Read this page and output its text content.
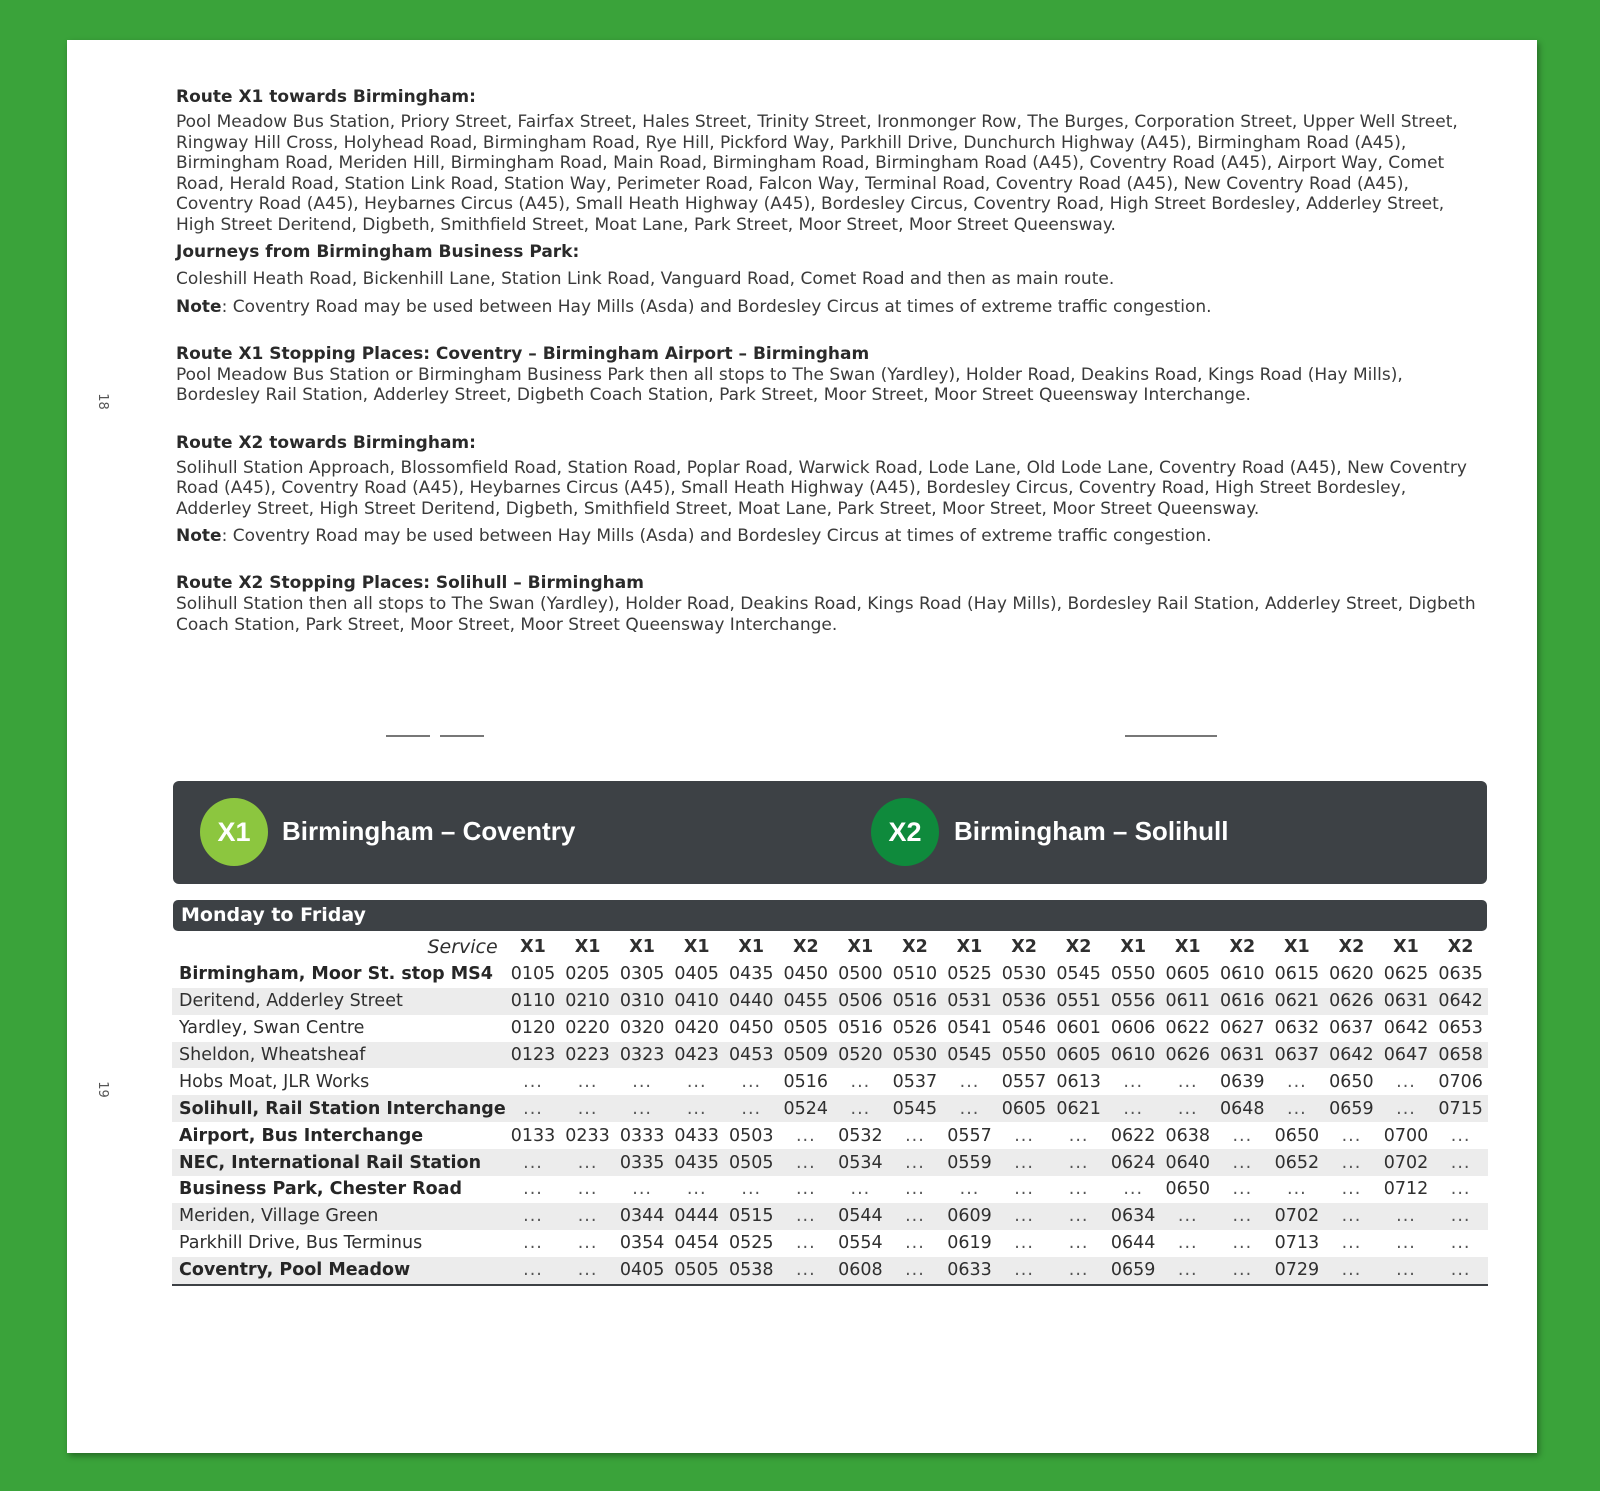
18
19

Route X1 towards Birmingham:

Pool Meadow Bus Station, Priory Street, Fairfax Street, Hales Street, Trinity Street, Ironmonger Row, The Burges, Corporation Street, Upper Well Street, Ringway Hill Cross, Holyhead Road, Birmingham Road, Rye Hill, Pickford Way, Parkhill Drive, Dunchurch Highway (A45), Birmingham Road (A45), Birmingham Road, Meriden Hill, Birmingham Road, Main Road, Birmingham Road, Birmingham Road (A45), Coventry Road (A45), Airport Way, Comet Road, Herald Road, Station Link Road, Station Way, Perimeter Road, Falcon Way, Terminal Road, Coventry Road (A45), New Coventry Road (A45), Coventry Road (A45), Heybarnes Circus (A45), Small Heath Highway (A45), Bordesley Circus, Coventry Road, High Street Bordesley, Adderley Street, High Street Deritend, Digbeth, Smithfield Street, Moat Lane, Park Street, Moor Street, Moor Street Queensway.

Journeys from Birmingham Business Park:

Coleshill Heath Road, Bickenhill Lane, Station Link Road, Vanguard Road, Comet Road and then as main route.

Note: Coventry Road may be used between Hay Mills (Asda) and Bordesley Circus at times of extreme traffic congestion.

Route X1 Stopping Places: Coventry – Birmingham Airport – Birmingham

Pool Meadow Bus Station or Birmingham Business Park then all stops to The Swan (Yardley), Holder Road, Deakins Road, Kings Road (Hay Mills), Bordesley Rail Station, Adderley Street, Digbeth Coach Station, Park Street, Moor Street, Moor Street Queensway Interchange.

Route X2 towards Birmingham:

Solihull Station Approach, Blossomfield Road, Station Road, Poplar Road, Warwick Road, Lode Lane, Old Lode Lane, Coventry Road (A45), New Coventry Road (A45), Coventry Road (A45), Heybarnes Circus (A45), Small Heath Highway (A45), Bordesley Circus, Coventry Road, High Street Bordesley, Adderley Street, High Street Deritend, Digbeth, Smithfield Street, Moat Lane, Park Street, Moor Street, Moor Street Queensway.

Note: Coventry Road may be used between Hay Mills (Asda) and Bordesley Circus at times of extreme traffic congestion.

Route X2 Stopping Places: Solihull – Birmingham

Solihull Station then all stops to The Swan (Yardley), Holder Road, Deakins Road, Kings Road (Hay Mills), Bordesley Rail Station, Adderley Street, Digbeth Coach Station, Park Street, Moor Street, Moor Street Queensway Interchange.

X1	Birmingham – Coventry	X2	Birmingham – Solihull
Monday to Friday
Service	X1	X1	X1	X1	X1	X2	X1	X2	X1	X2	X2	X1	X1	X2	X1	X2	X1	X2
Birmingham, Moor St. stop MS4	0105	0205	0305	0405	0435	0450	0500	0510	0525	0530	0545	0550	0605	0610	0615	0620	0625	0635
Deritend, Adderley Street	0110	0210	0310	0410	0440	0455	0506	0516	0531	0536	0551	0556	0611	0616	0621	0626	0631	0642
Yardley, Swan Centre	0120	0220	0320	0420	0450	0505	0516	0526	0541	0546	0601	0606	0622	0627	0632	0637	0642	0653
Sheldon, Wheatsheaf	0123	0223	0323	0423	0453	0509	0520	0530	0545	0550	0605	0610	0626	0631	0637	0642	0647	0658
Hobs Moat, JLR Works	...	...	...	...	...	0516	...	0537	...	0557	0613	...	...	0639	...	0650	...	0706
Solihull, Rail Station Interchange	...	...	...	...	...	0524	...	0545	...	0605	0621	...	...	0648	...	0659	...	0715
Airport, Bus Interchange	0133	0233	0333	0433	0503	...	0532	...	0557	...	...	0622	0638	...	0650	...	0700	...
NEC, International Rail Station	...	...	0335	0435	0505	...	0534	...	0559	...	...	0624	0640	...	0652	...	0702	...
Business Park, Chester Road	...	...	...	...	...	...	...	...	...	...	...	...	0650	...	...	...	0712	...
Meriden, Village Green	...	...	0344	0444	0515	...	0544	...	0609	...	...	0634	...	...	0702	...	...	...
Parkhill Drive, Bus Terminus	...	...	0354	0454	0525	...	0554	...	0619	...	...	0644	...	...	0713	...	...	...
Coventry, Pool Meadow	...	...	0405	0505	0538	...	0608	...	0633	...	...	0659	...	...	0729	...	...	...
